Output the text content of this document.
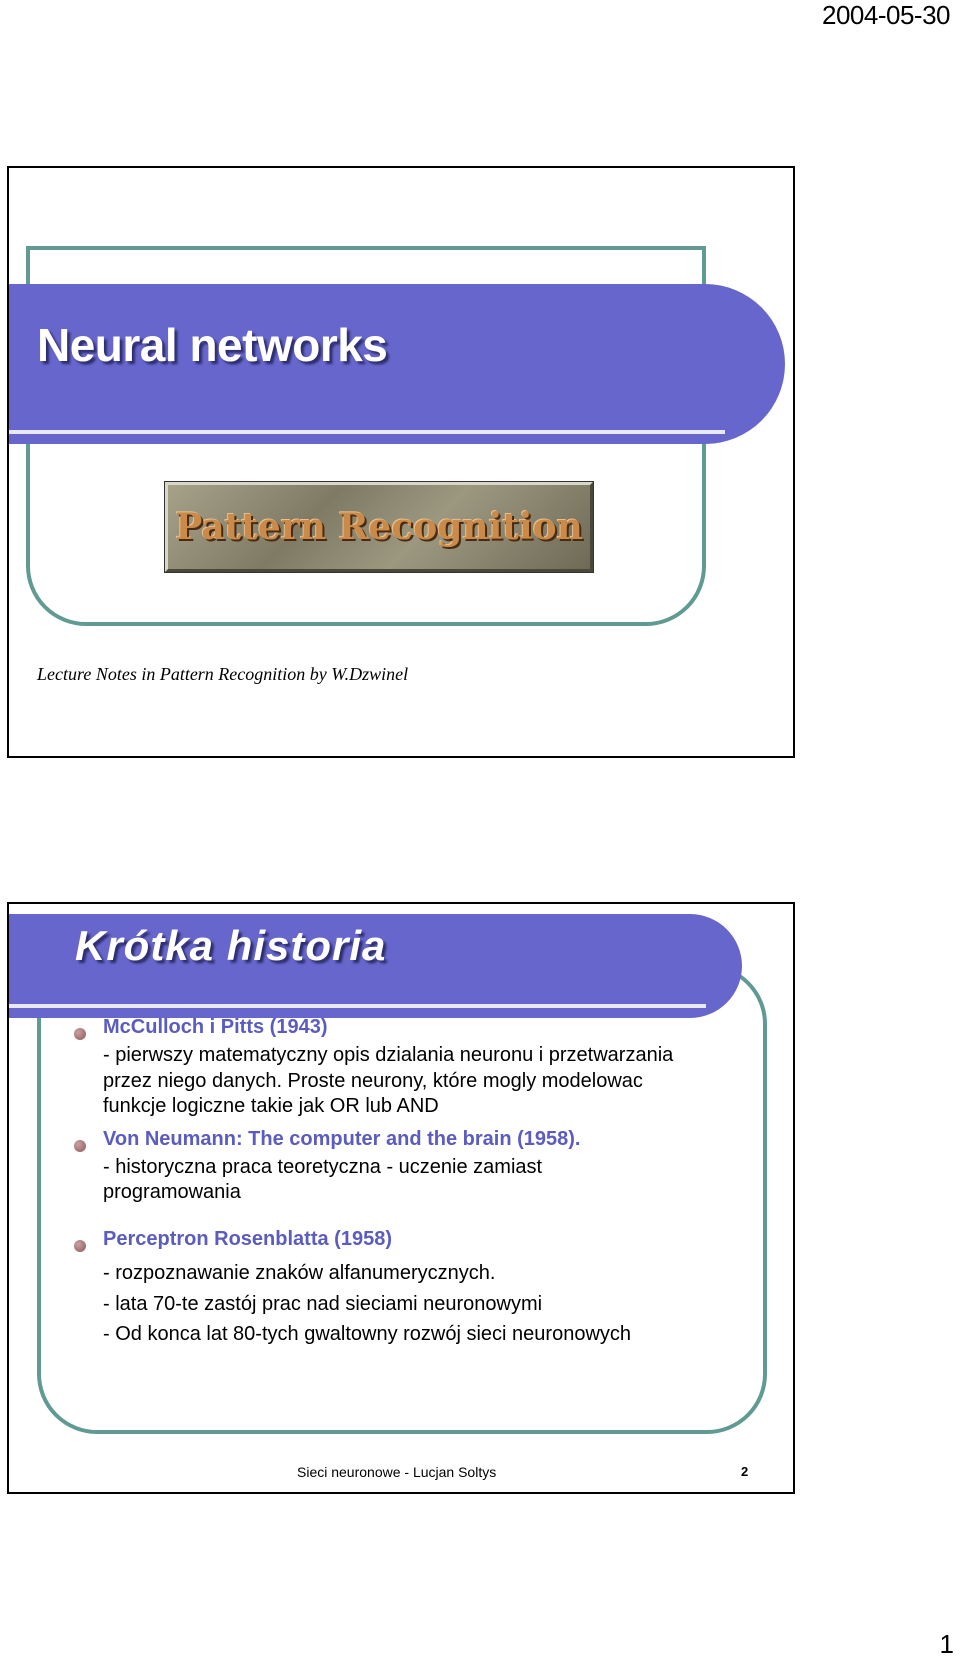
2004-05-30
Neural networks
Pattern Recognition
Lecture Notes in Pattern Recognition by W.Dzwinel
Krótka historia
McCulloch i Pitts (1943)
- pierwszy matematyczny opis dzialania neuronu i przetwarzania
przez niego danych. Proste neurony, które mogly modelowac
funkcje logiczne takie jak OR lub AND
Von Neumann: The computer and the brain (1958).
- historyczna praca teoretyczna - uczenie zamiast
programowania
Perceptron Rosenblatta (1958)
- rozpoznawanie znaków alfanumerycznych.
- lata 70-te zastój prac nad sieciami neuronowymi
- Od konca lat 80-tych gwaltowny rozwój sieci neuronowych
Sieci neuronowe - Lucjan Soltys	2
1
